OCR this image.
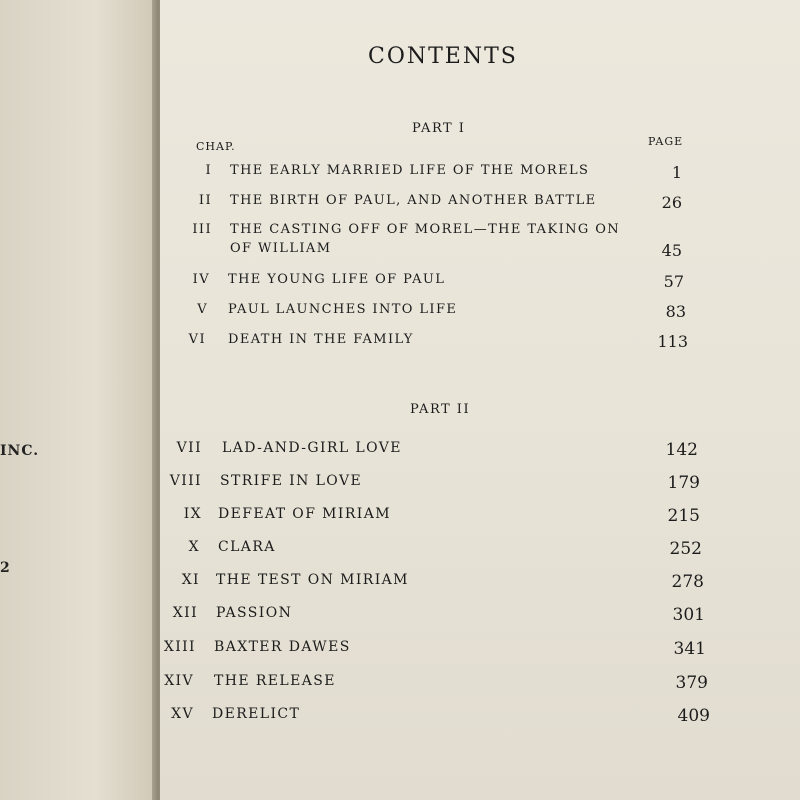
INC.
2
CONTENTS
PART I
CHAP.	PAGE
I THE EARLY MARRIED LIFE OF THE MORELS	1
II THE BIRTH OF PAUL, AND ANOTHER BATTLE	26
III THE CASTING OFF OF MOREL—THE TAKING ON
OF WILLIAM	45
IV THE YOUNG LIFE OF PAUL	57
V PAUL LAUNCHES INTO LIFE	83
VI DEATH IN THE FAMILY	113
PART II
VII LAD-AND-GIRL LOVE	142
VIII STRIFE IN LOVE	179
IX DEFEAT OF MIRIAM	215
X CLARA	252
XI THE TEST ON MIRIAM	278
XII PASSION	301
XIII BAXTER DAWES	341
XIV THE RELEASE	379
XV DERELICT	409
